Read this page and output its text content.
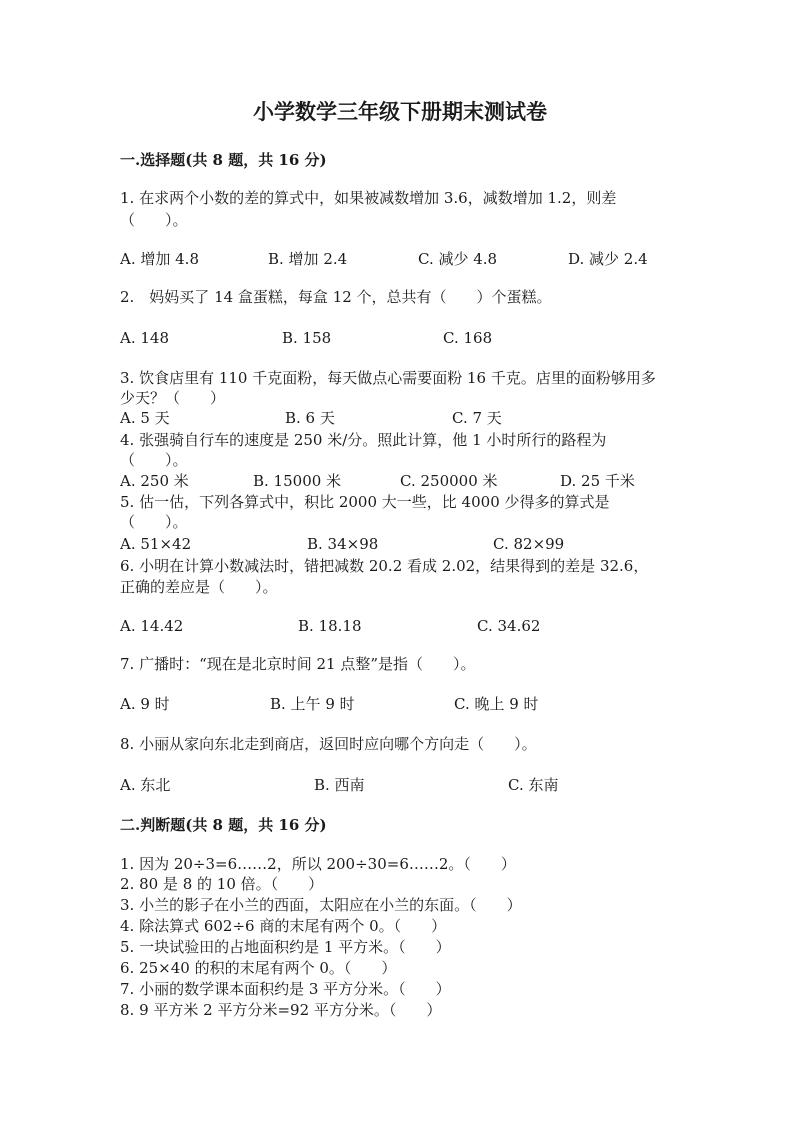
小学数学三年级下册期末测试卷
一.选择题(共 8 题，共 16 分)
1. 在求两个小数的差的算式中，如果被减数增加 3.6，减数增加 1.2，则差
（　　）。
A. 增加 4.8	B. 增加 2.4	C. 减少 4.8	D. 减少 2.4
2.　妈妈买了 14 盒蛋糕，每盒 12 个，总共有（　　）个蛋糕。
A. 148	B. 158	C. 168
3. 饮食店里有 110 千克面粉，每天做点心需要面粉 16 千克。店里的面粉够用多
少天？（　　）
A. 5 天	B. 6 天	C. 7 天
4. 张强骑自行车的速度是 250 米/分。照此计算，他 1 小时所行的路程为
（　　）。
A. 250 米	B. 15000 米	C. 250000 米	D. 25 千米
5. 估一估，下列各算式中，积比 2000 大一些，比 4000 少得多的算式是
（　　）。
A. 51×42	B. 34×98	C. 82×99
6. 小明在计算小数减法时，错把减数 20.2 看成 2.02，结果得到的差是 32.6，
正确的差应是（　　）。
A. 14.42	B. 18.18	C. 34.62
7. 广播时：“现在是北京时间 21 点整”是指（　　）。
A. 9 时	B. 上午 9 时	C. 晚上 9 时
8. 小丽从家向东北走到商店，返回时应向哪个方向走（　　）。
A. 东北	B. 西南	C. 东南
二.判断题(共 8 题，共 16 分)
1. 因为 20÷3=6……2，所以 200÷30=6……2。（　　）
2. 80 是 8 的 10 倍。（　　）
3. 小兰的影子在小兰的西面，太阳应在小兰的东面。（　　）
4. 除法算式 602÷6 商的末尾有两个 0。（　　）
5. 一块试验田的占地面积约是 1 平方米。（　　）
6. 25×40 的积的末尾有两个 0。（　　）
7. 小丽的数学课本面积约是 3 平方分米。（　　）
8. 9 平方米 2 平方分米=92 平方分米。（　　）
